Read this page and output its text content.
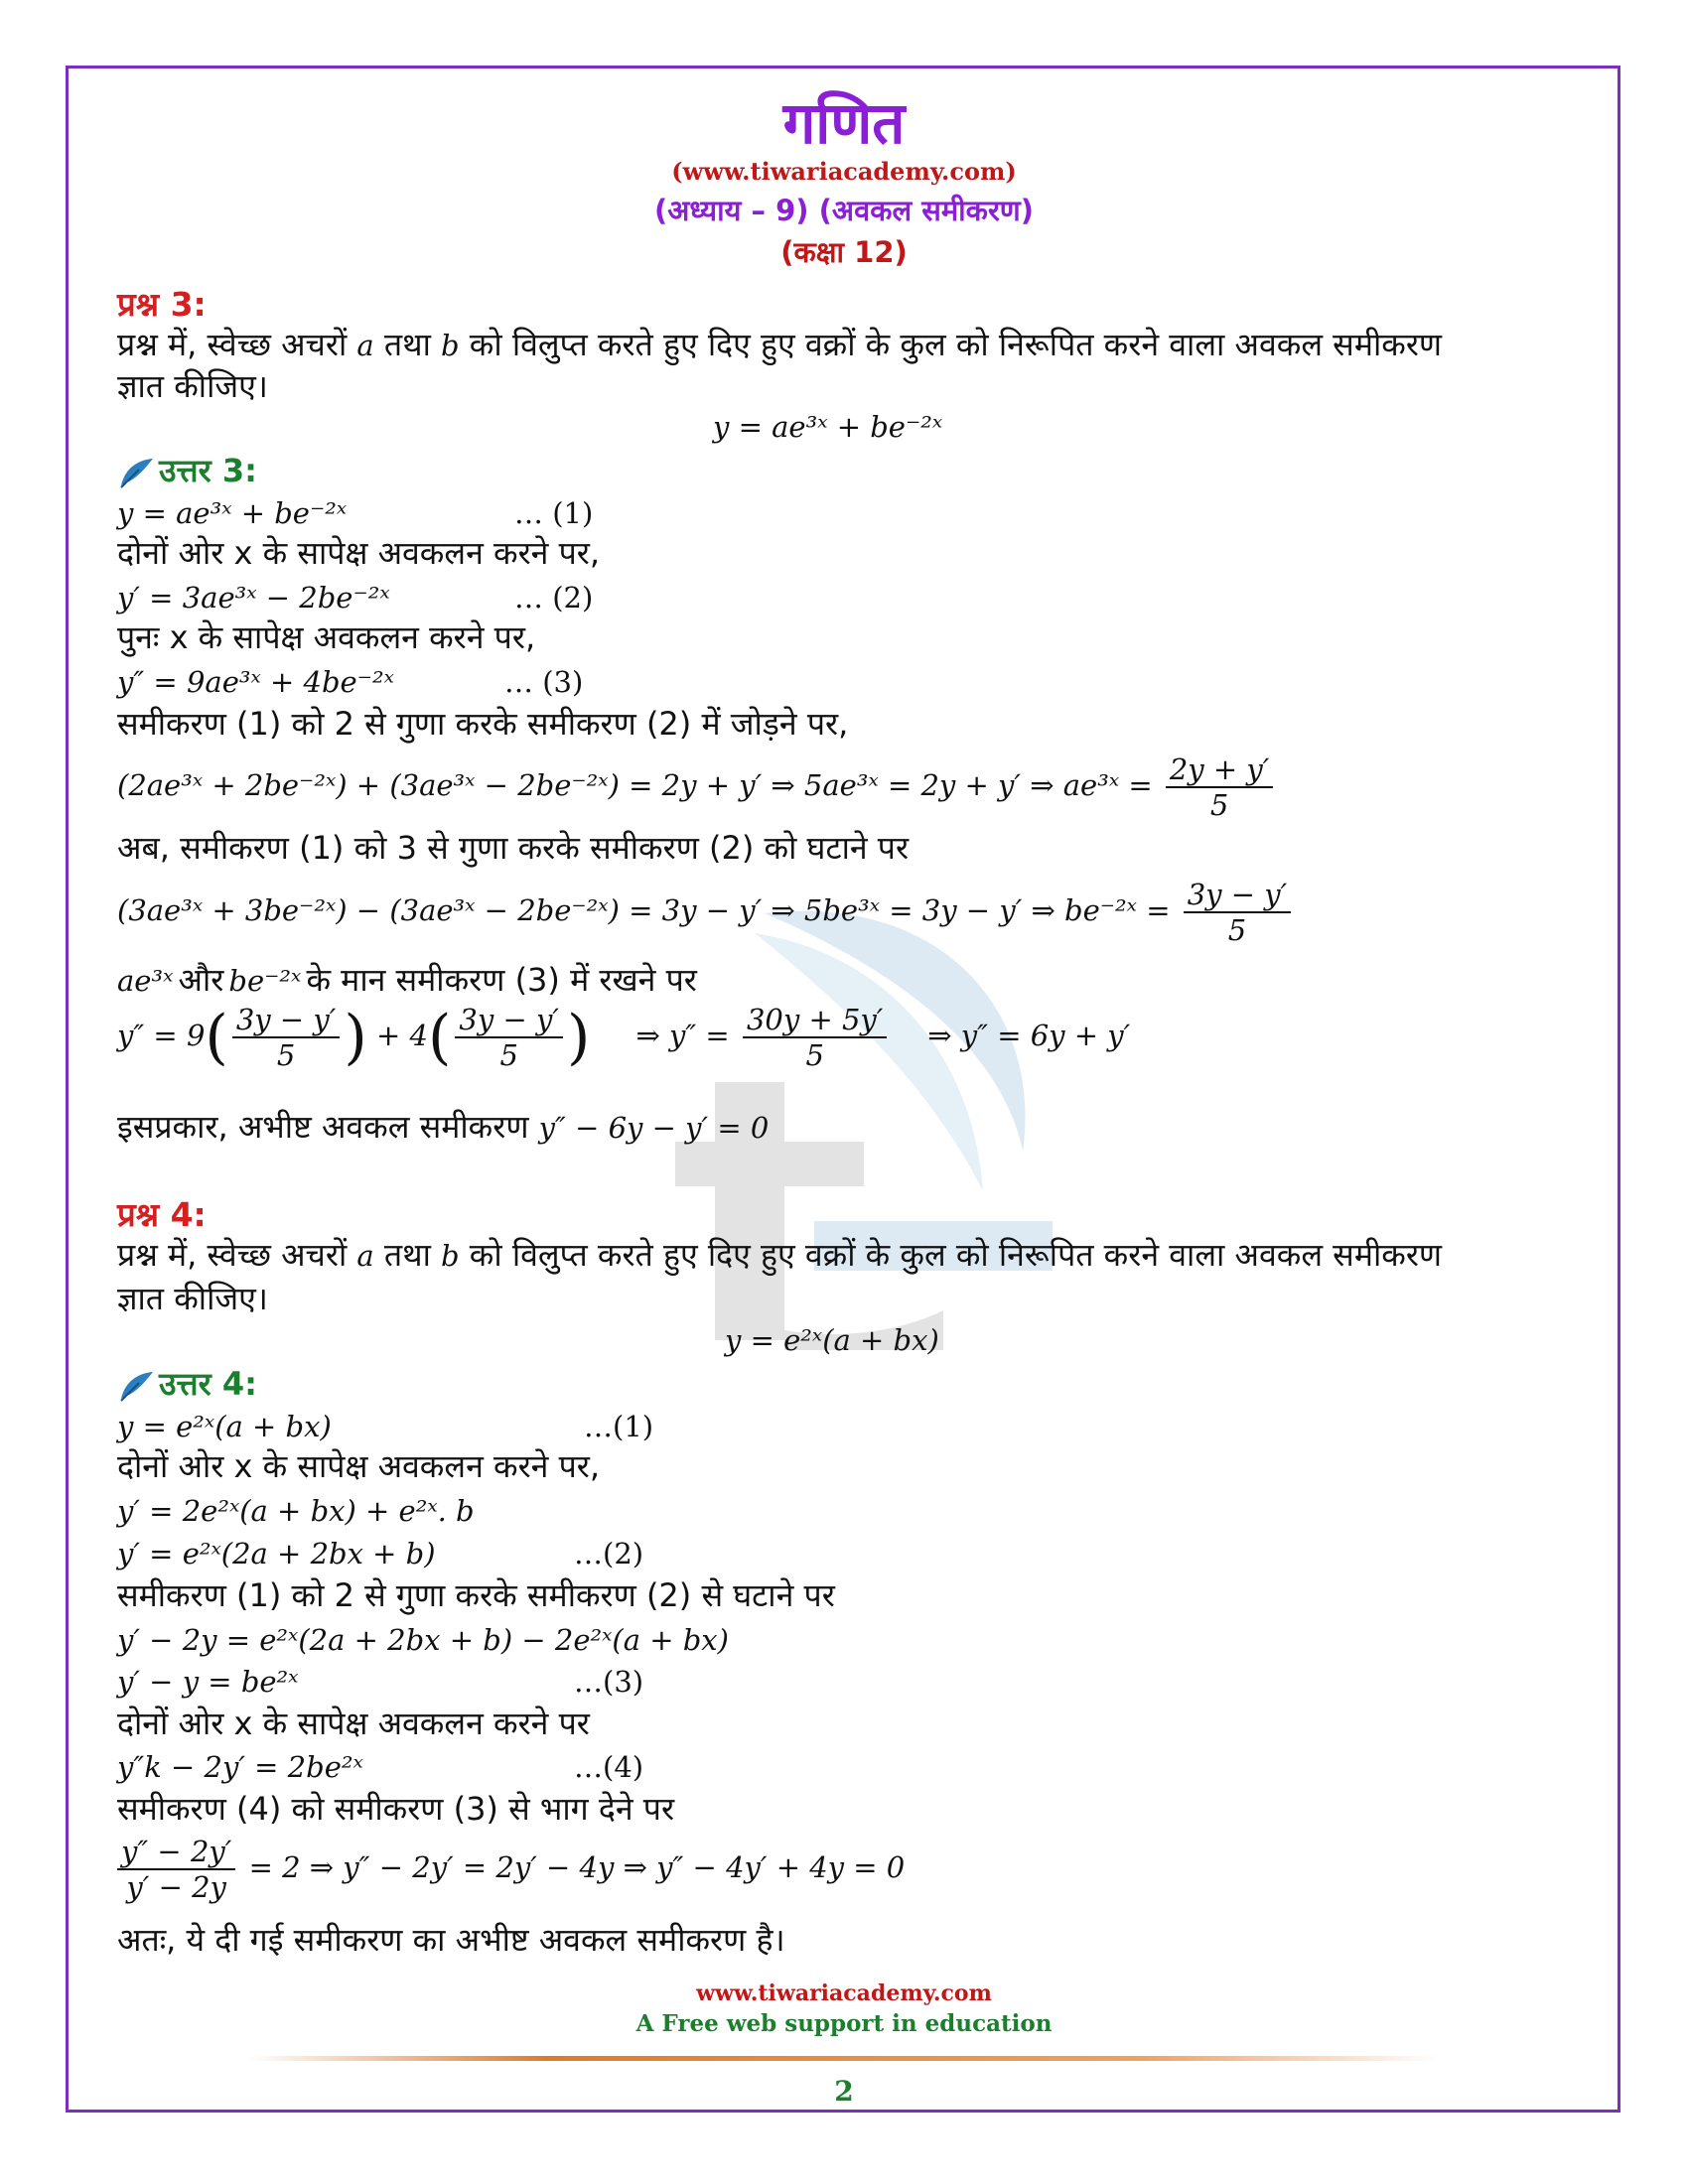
गणित
(www.tiwariacademy.com)
(अध्याय – 9) (अवकल समीकरण)
(कक्षा 12)
प्रश्न 3:
प्रश्न में, स्वेच्छ अचरों a तथा b को विलुप्त करते हुए दिए हुए वक्रों के कुल को निरूपित करने वाला अवकल समीकरण
ज्ञात कीजिए।
y = ae³ˣ + be⁻²ˣ
उत्तर 3:
y = ae³ˣ + be⁻²ˣ	… (1)
दोनों ओर x के सापेक्ष अवकलन करने पर,
y′ = 3ae³ˣ − 2be⁻²ˣ	… (2)
पुनः x के सापेक्ष अवकलन करने पर,
y″ = 9ae³ˣ + 4be⁻²ˣ	… (3)
समीकरण (1) को 2 से गुणा करके समीकरण (2) में जोड़ने पर,
(2ae³ˣ + 2be⁻²ˣ) + (3ae³ˣ − 2be⁻²ˣ) = 2y + y′ ⇒ 5ae³ˣ = 2y + y′ ⇒ ae³ˣ = $\frac{2y + y'}{5}$
अब, समीकरण (1) को 3 से गुणा करके समीकरण (2) को घटाने पर
(3ae³ˣ + 3be⁻²ˣ) − (3ae³ˣ − 2be⁻²ˣ) = 3y − y′ ⇒ 5be³ˣ = 3y − y′ ⇒ be⁻²ˣ = $\frac{3y - y'}{5}$
ae³ˣ और be⁻²ˣ के मान समीकरण (3) में रखने पर
$y'' = 9( \frac{3y - y'}{5}$ ) + $4( \frac{3y - y'}{5}$ ) ⇒ $y'' = \frac{30y + 5y'}{5}$ ⇒ y″ = 6y + y′
इसप्रकार, अभीष्ट अवकल समीकरण y″ − 6y − y′ = 0
प्रश्न 4:
प्रश्न में, स्वेच्छ अचरों a तथा b को विलुप्त करते हुए दिए हुए वक्रों के कुल को निरूपित करने वाला अवकल समीकरण
ज्ञात कीजिए।
y = e²ˣ(a + bx)
उत्तर 4:
y = e²ˣ(a + bx)	…(1)
दोनों ओर x के सापेक्ष अवकलन करने पर,
y′ = 2e²ˣ(a + bx) + e²ˣ. b
y′ = e²ˣ(2a + 2bx + b)	…(2)
समीकरण (1) को 2 से गुणा करके समीकरण (2) से घटाने पर
y′ − 2y = e²ˣ(2a + 2bx + b) − 2e²ˣ(a + bx)
y′ − y = be²ˣ	…(3)
दोनों ओर x के सापेक्ष अवकलन करने पर
y″k − 2y′ = 2be²ˣ	…(4)
समीकरण (4) को समीकरण (3) से भाग देने पर
$\frac{y'' - 2y'}{y' - 2y} = 2$ ⇒ y″ − 2y′ = 2y′ − 4y ⇒ y″ − 4y′ + 4y = 0
अतः, ये दी गई समीकरण का अभीष्ट अवकल समीकरण है।
www.tiwariacademy.com
A Free web support in education
2
